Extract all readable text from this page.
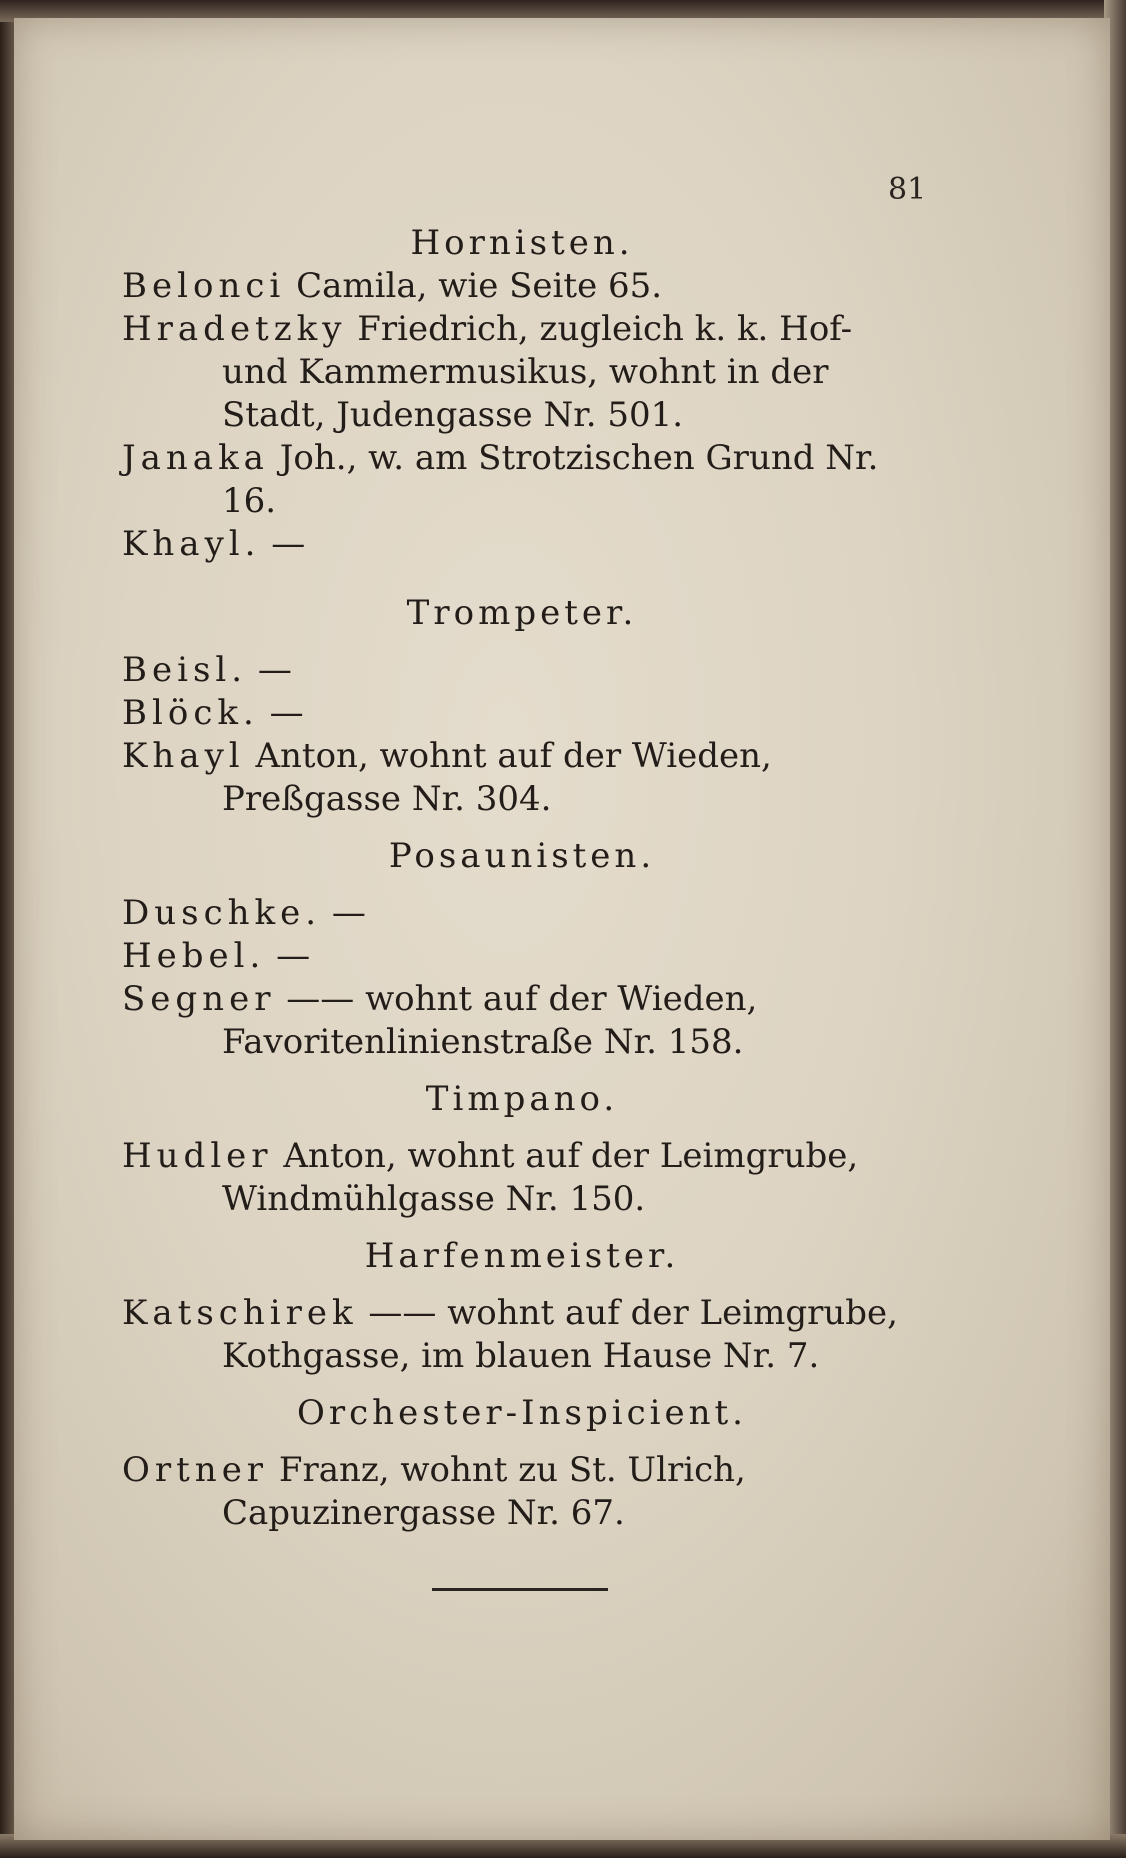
81

Hornisten.

Belonci Camila, wie Seite 65.

Hradetzky Friedrich, zugleich k. k. Hof- und Kammermusikus, wohnt in der Stadt, Judengasse Nr. 501.

Janaka Joh., w. am Strotzischen Grund Nr. 16.

Khayl. —

Trompeter.

Beisl. —

Blöck. —

Khayl Anton, wohnt auf der Wieden, Preßgasse Nr. 304.

Posaunisten.

Duschke. —

Hebel. —

Segner —— wohnt auf der Wieden, Favoritenlinienstraße Nr. 158.

Timpano.

Hudler Anton, wohnt auf der Leimgrube, Windmühlgasse Nr. 150.

Harfenmeister.

Katschirek —— wohnt auf der Leimgrube, Kothgasse, im blauen Hause Nr. 7.

Orchester-Inspicient.

Ortner Franz, wohnt zu St. Ulrich, Capuzinergasse Nr. 67.
